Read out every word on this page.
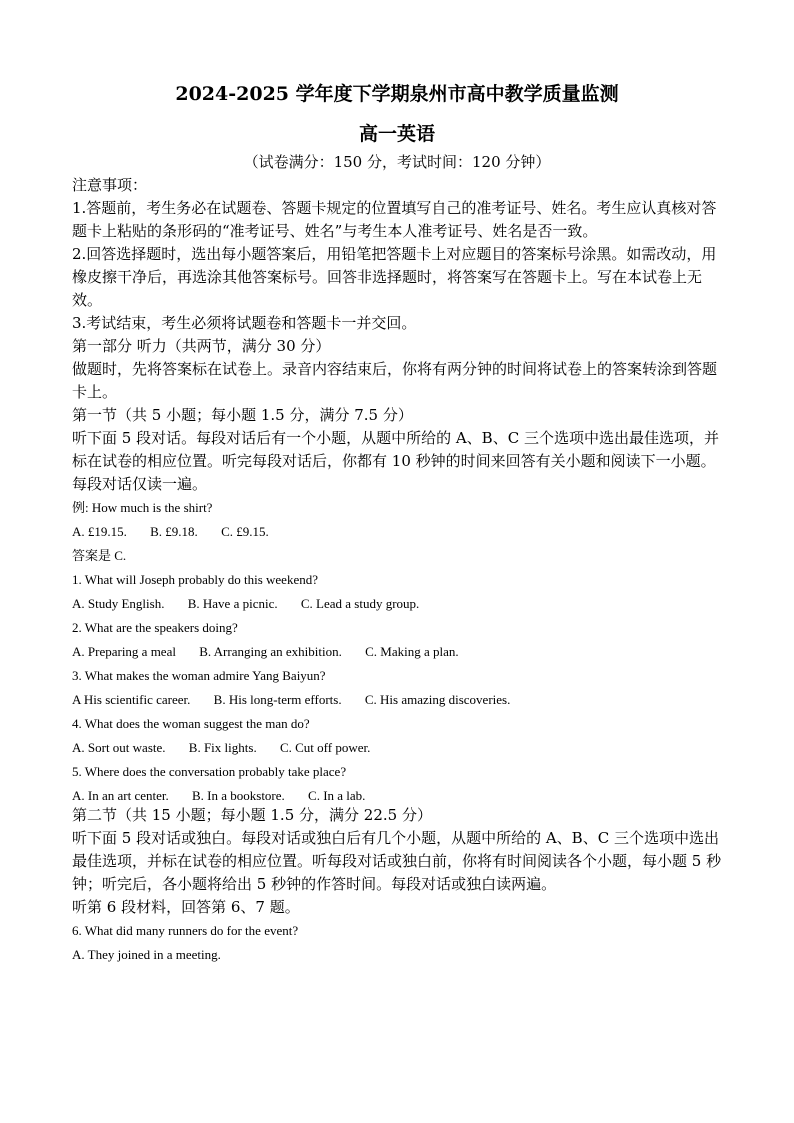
2024-2025 学年度下学期泉州市高中教学质量监测
高一英语
（试卷满分：150 分，考试时间：120 分钟）

注意事项：

1.答题前，考生务必在试题卷、答题卡规定的位置填写自己的准考证号、姓名。考生应认真核对答题卡上粘贴的条形码的“准考证号、姓名”与考生本人准考证号、姓名是否一致。

2.回答选择题时，选出每小题答案后，用铅笔把答题卡上对应题目的答案标号涂黑。如需改动，用橡皮擦干净后，再选涂其他答案标号。回答非选择题时，将答案写在答题卡上。写在本试卷上无效。

3.考试结束，考生必须将试题卷和答题卡一并交回。

第一部分 听力（共两节，满分 30 分）

做题时，先将答案标在试卷上。录音内容结束后，你将有两分钟的时间将试卷上的答案转涂到答题卡上。

第一节（共 5 小题；每小题 1.5 分，满分 7.5 分）

听下面 5 段对话。每段对话后有一个小题，从题中所给的 A、B、C 三个选项中选出最佳选项，并标在试卷的相应位置。听完每段对话后，你都有 10 秒钟的时间来回答有关小题和阅读下一小题。每段对话仅读一遍。

例: How much is the shirt?

A. £19.15. B. £9.18. C. £9.15.

答案是 C.

1. What will Joseph probably do this weekend?

A. Study English. B. Have a picnic. C. Lead a study group.

2. What are the speakers doing?

A. Preparing a meal B. Arranging an exhibition. C. Making a plan.

3. What makes the woman admire Yang Baiyun?

A His scientific career. B. His long-term efforts. C. His amazing discoveries.

4. What does the woman suggest the man do?

A. Sort out waste. B. Fix lights. C. Cut off power.

5. Where does the conversation probably take place?

A. In an art center. B. In a bookstore. C. In a lab.

第二节（共 15 小题；每小题 1.5 分，满分 22.5 分）

听下面 5 段对话或独白。每段对话或独白后有几个小题，从题中所给的 A、B、C 三个选项中选出最佳选项，并标在试卷的相应位置。听每段对话或独白前，你将有时间阅读各个小题，每小题 5 秒钟；听完后，各小题将给出 5 秒钟的作答时间。每段对话或独白读两遍。

听第 6 段材料，回答第 6、7 题。

6. What did many runners do for the event?

A. They joined in a meeting.
